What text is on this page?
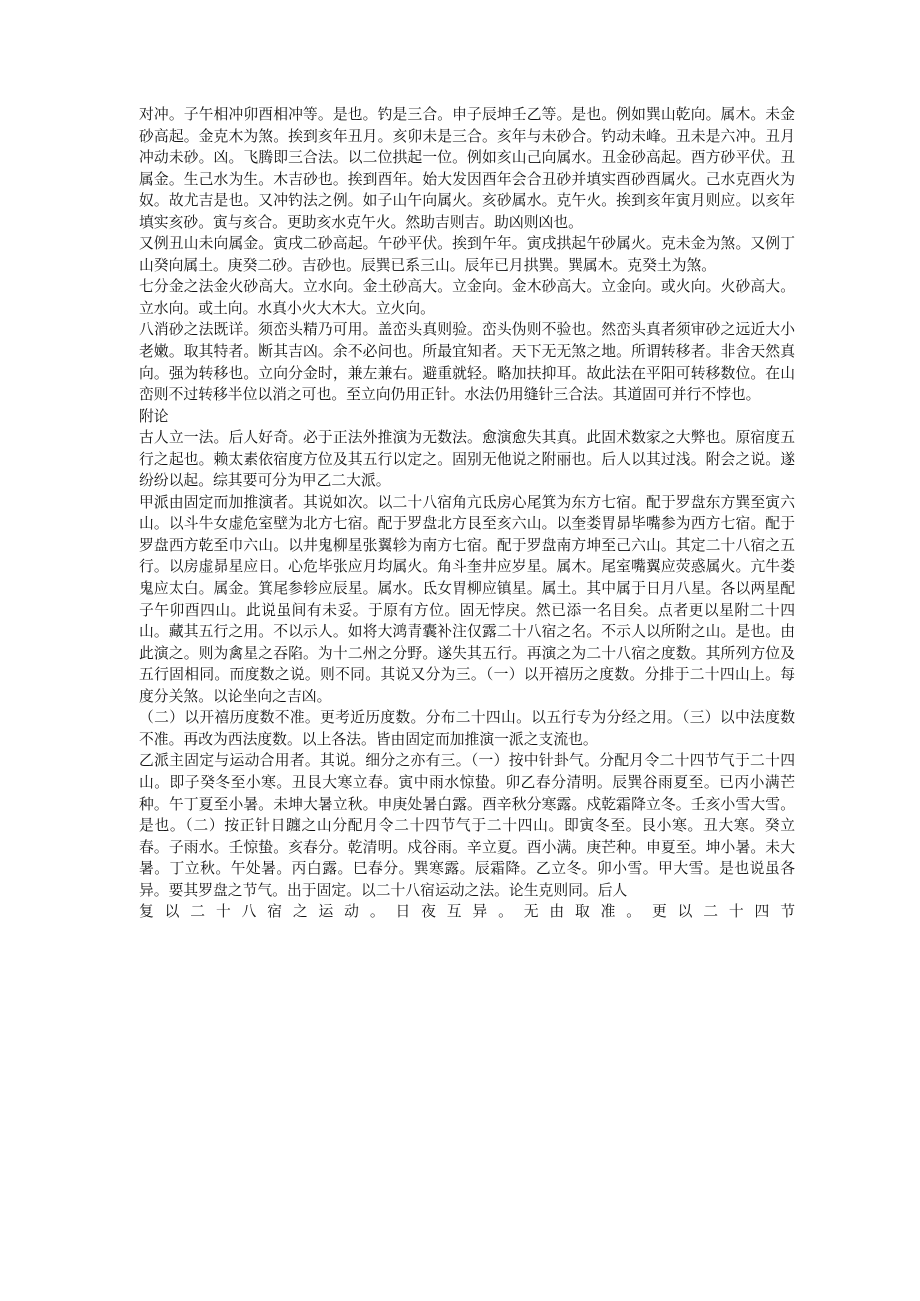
对冲。子午相冲卯酉相冲等。是也。钓是三合。申子辰坤壬乙等。是也。例如巽山乾向。属木。未金砂高起。金克木为煞。挨到亥年丑月。亥卯未是三合。亥年与未砂合。钓动未峰。丑未是六冲。丑月冲动未砂。凶。飞腾即三合法。以二位拱起一位。例如亥山己向属水。丑金砂高起。酉方砂平伏。丑属金。生己水为生。木吉砂也。挨到酉年。始大发因酉年会合丑砂并填实酉砂酉属火。己水克酉火为奴。故尤吉是也。又冲钓法之例。如子山午向属火。亥砂属水。克午火。挨到亥年寅月则应。以亥年填实亥砂。寅与亥合。更助亥水克午火。然助吉则吉。助凶则凶也。

又例丑山未向属金。寅戌二砂高起。午砂平伏。挨到午年。寅戌拱起午砂属火。克未金为煞。又例丁山癸向属土。庚癸二砂。吉砂也。辰巽已系三山。辰年已月拱巽。巽属木。克癸土为煞。

七分金之法金火砂高大。立水向。金土砂高大。立金向。金木砂高大。立金向。或火向。火砂高大。立水向。或土向。水真小火大木大。立火向。

八消砂之法既详。须峦头精乃可用。盖峦头真则验。峦头伪则不验也。然峦头真者须审砂之远近大小老嫩。取其特者。断其吉凶。余不必问也。所最宜知者。天下无无煞之地。所谓转移者。非舍天然真向。强为转移也。立向分金时，兼左兼右。避重就轻。略加扶抑耳。故此法在平阳可转移数位。在山峦则不过转移半位以消之可也。至立向仍用正针。水法仍用缝针三合法。其道固可并行不悖也。

附论

古人立一法。后人好奇。必于正法外推演为无数法。愈演愈失其真。此固术数家之大弊也。原宿度五行之起也。赖太素依宿度方位及其五行以定之。固别无他说之附丽也。后人以其过浅。附会之说。遂纷纷以起。综其要可分为甲乙二大派。

甲派由固定而加推演者。其说如次。以二十八宿角亢氐房心尾箕为东方七宿。配于罗盘东方巽至寅六山。以斗牛女虚危室壁为北方七宿。配于罗盘北方艮至亥六山。以奎娄胃昴毕嘴参为西方七宿。配于罗盘西方乾至巾六山。以井鬼柳星张翼轸为南方七宿。配于罗盘南方坤至己六山。其定二十八宿之五行。以房虚昴星应日。心危毕张应月均属火。角斗奎井应岁星。属木。尾室嘴翼应荧惑属火。亢牛娄鬼应太白。属金。箕尾参轸应辰星。属水。氐女胃柳应镇星。属土。其中属于日月八星。各以两星配子午卯酉四山。此说虽间有未妥。于原有方位。固无悖戾。然已添一名目矣。点者更以星附二十四山。藏其五行之用。不以示人。如将大鸿青囊补注仅露二十八宿之名。不示人以所附之山。是也。由此演之。则为禽星之吞陷。为十二州之分野。遂失其五行。再演之为二十八宿之度数。其所列方位及五行固相同。而度数之说。则不同。其说又分为三。（一）以开禧历之度数。分排于二十四山上。每度分关煞。以论坐向之吉凶。

（二）以开禧历度数不准。更考近历度数。分布二十四山。以五行专为分经之用。（三）以中法度数不准。再改为西法度数。以上各法。皆由固定而加推演一派之支流也。

乙派主固定与运动合用者。其说。细分之亦有三。（一）按中针卦气。分配月令二十四节气于二十四山。即子癸冬至小寒。丑艮大寒立春。寅中雨水惊蛰。卯乙春分清明。辰巽谷雨夏至。已丙小满芒种。午丁夏至小暑。未坤大暑立秋。申庚处暑白露。酉辛秋分寒露。戍乾霜降立冬。壬亥小雪大雪。是也。（二）按正针日躔之山分配月令二十四节气于二十四山。即寅冬至。艮小寒。丑大寒。癸立春。子雨水。壬惊蛰。亥春分。乾清明。戍谷雨。辛立夏。酉小满。庚芒种。申夏至。坤小暑。未大暑。丁立秋。午处暑。丙白露。巳春分。巽寒露。辰霜降。乙立冬。卯小雪。甲大雪。是也说虽各异。要其罗盘之节气。出于固定。以二十八宿运动之法。论生克则同。后人

复以二十八宿之运动。日夜互异。无由取准。更以二十四节
